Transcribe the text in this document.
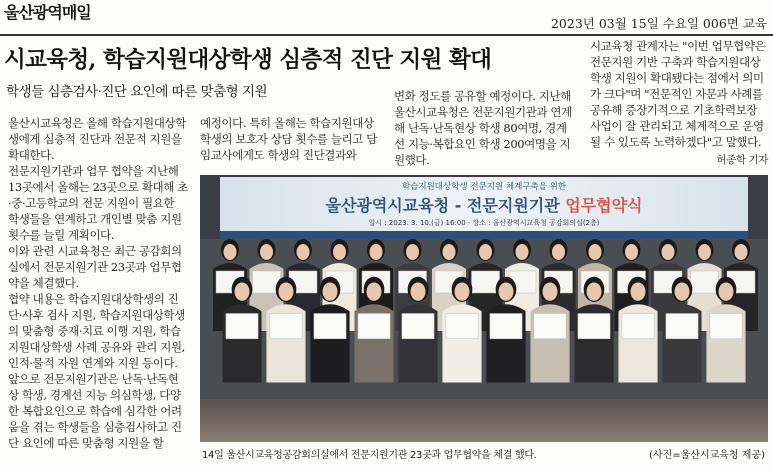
울산광역매일
2023년 03월 15일 수요일 006면 교육
시교육청, 학습지원대상학생 심층적 진단 지원 확대
학생들 심층검사·진단 요인에 따른 맞춤형 지원

울산시교육청은 올해 학습지원대상학생에게 심층적 진단과 전문적 지원을 확대한다.

전문지원기관과 업무 협약을 지난해 13곳에서 올해는 23곳으로 확대해 초·중·고등학교의 전문 지원이 필요한 학생들을 연계하고 개인별 맞춤 지원 횟수를 늘릴 계획이다.

이와 관련 시교육청은 최근 공감회의실에서 전문지원기관 23곳과 업무협약을 체결했다.

협약 내용은 학습지원대상학생의 진단·사후 검사 지원, 학습지원대상학생의 맞춤형 중재·치료 이행 지원, 학습지원대상학생 사례 공유와 관리 지원, 인적·물적 자원 연계와 지원 등이다.

앞으로 전문지원기관은 난독·난독현상 학생, 경계선 지능 의심학생, 다양한 복합요인으로 학습에 심각한 어려움을 겪는 학생들을 심층검사하고 진단 요인에 따른 맞춤형 지원을 할

예정이다. 특히 올해는 학습지원대상학생의 보호자 상담 횟수를 늘리고 담임교사에게도 학생의 진단결과와

변화 정도를 공유할 예정이다. 지난해 울산시교육청은 전문지원기관과 연계해 난독·난독현상 학생 80여명, 경계선 지능·복합요인 학생 200여명을 지원했다.

시교육청 관계자는 "이번 업무협약은 전문지원 기반 구축과 학습지원대상학생 지원이 확대됐다는 점에서 의미가 크다"며 "전문적인 자문과 사례를 공유해 증장기적으로 기초학력보장 사업이 잘 관리되고 체계적으로 운영될 수 있도록 노력하겠다"고 말했다.

허종학 기자
학습지원대상학생 전문지원 체계구축을 위한
울산광역시교육청 - 전문지원기관 업무협약식
일시 : 2023. 3. 10.(금) 16:00 · 장소 : 울산광역시교육청 공감회의실(2층)
14일 울산시교육청공감회의실에서 전문지원기관 23곳과 업무협약을 체결 했다.	(사진=울산시교육청 제공)
